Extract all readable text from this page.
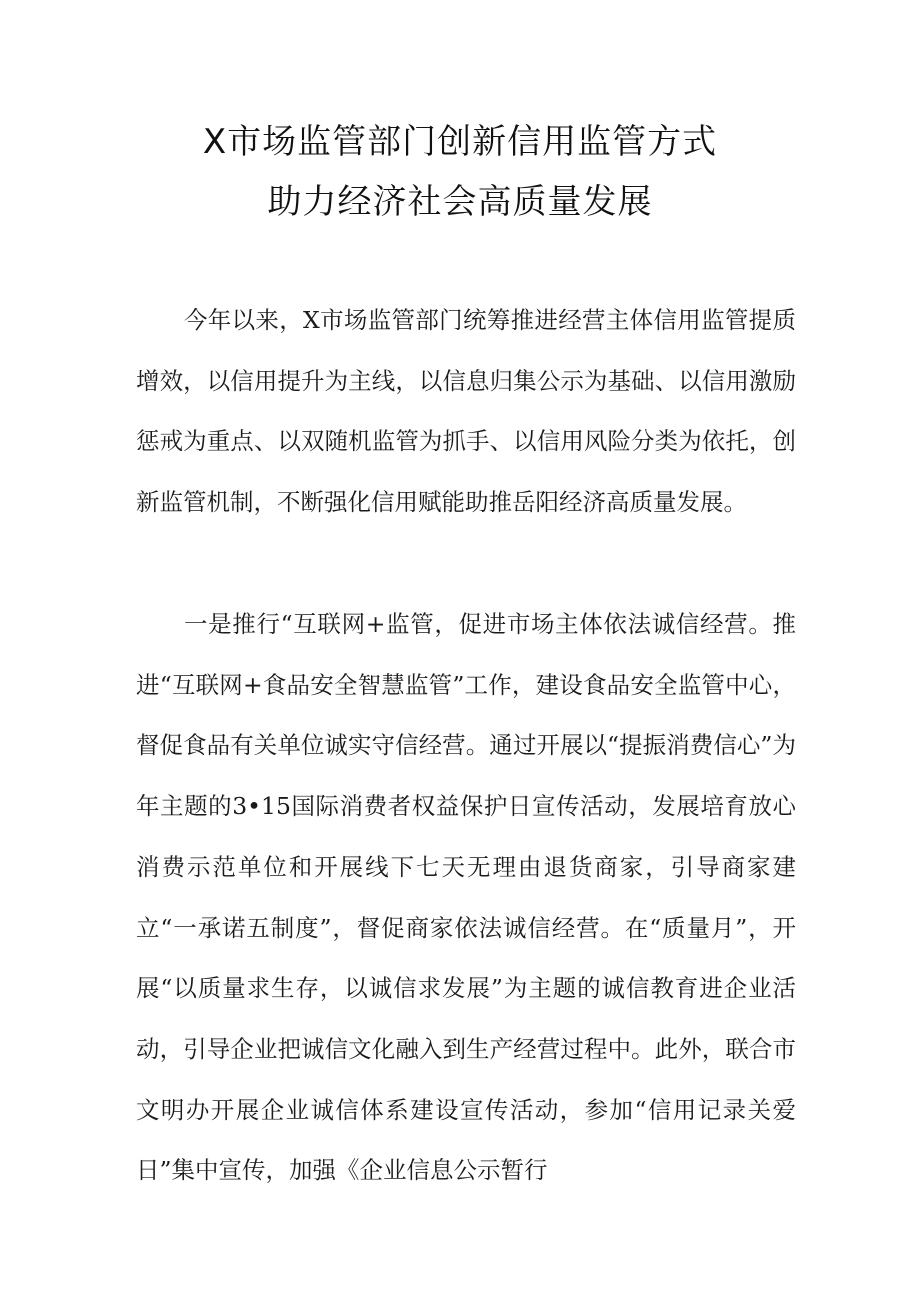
X市场监管部门创新信用监管方式
助力经济社会高质量发展

今年以来，X市场监管部门统筹推进经营主体信用监管提质增效，以信用提升为主线，以信息归集公示为基础、以信用激励惩戒为重点、以双随机监管为抓手、以信用风险分类为依托，创新监管机制，不断强化信用赋能助推岳阳经济高质量发展。

一是推行“互联网+监管，促进市场主体依法诚信经营。推进“互联网+食品安全智慧监管”工作，建设食品安全监管中心，督促食品有关单位诚实守信经营。通过开展以“提振消费信心”为年主题的3•15国际消费者权益保护日宣传活动，发展培育放心消费示范单位和开展线下七天无理由退货商家，引导商家建立“一承诺五制度”，督促商家依法诚信经营。在“质量月”，开展“以质量求生存，以诚信求发展”为主题的诚信教育进企业活动，引导企业把诚信文化融入到生产经营过程中。此外，联合市文明办开展企业诚信体系建设宣传活动，参加“信用记录关爱日”集中宣传，加强《企业信息公示暂行
